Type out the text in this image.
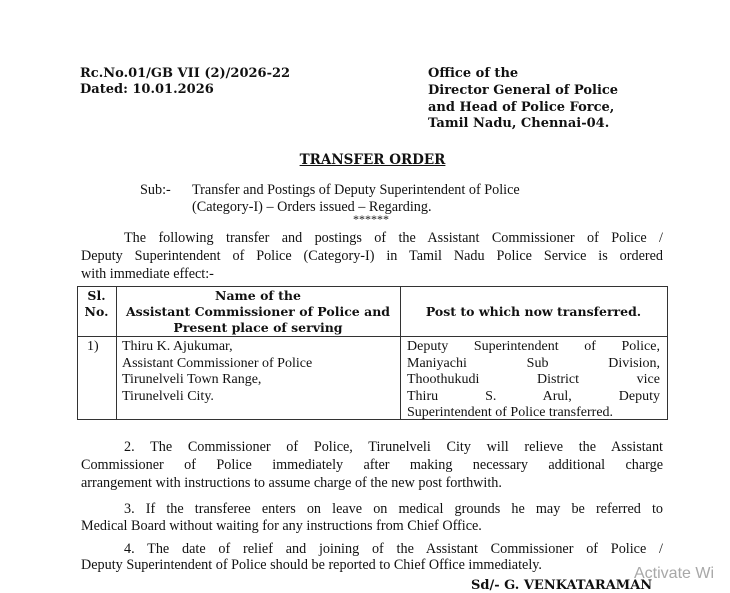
Rc.No.01/GB VII (2)/2026-22
Dated: 10.01.2026
Office of the
Director General of Police
and Head of Police Force,
Tamil Nadu, Chennai-04.
TRANSFER ORDER
Sub:- Transfer and Postings of Deputy Superintendent of Police
(Category-I) – Orders issued – Regarding.
******
The following transfer and postings of the Assistant Commissioner of Police /
Deputy Superintendent of Police (Category-I) in Tamil Nadu Police Service is ordered
with immediate effect:-
Sl.
No.
Name of the
Assistant Commissioner of Police and
Present place of serving
Post to which now transferred.
1) Thiru K. Ajukumar,
Assistant Commissioner of Police
Tirunelveli Town Range,
Tirunelveli City.
Deputy Superintendent of Police,
Maniyachi Sub Division,
Thoothukudi District vice
Thiru S. Arul, Deputy
Superintendent of Police transferred.
2. The Commissioner of Police, Tirunelveli City will relieve the Assistant
Commissioner of Police immediately after making necessary additional charge
arrangement with instructions to assume charge of the new post forthwith.
3. If the transferee enters on leave on medical grounds he may be referred to
Medical Board without waiting for any instructions from Chief Office.
4. The date of relief and joining of the Assistant Commissioner of Police /
Deputy Superintendent of Police should be reported to Chief Office immediately.
Sd/- G. VENKATARAMAN
Activate Wi
